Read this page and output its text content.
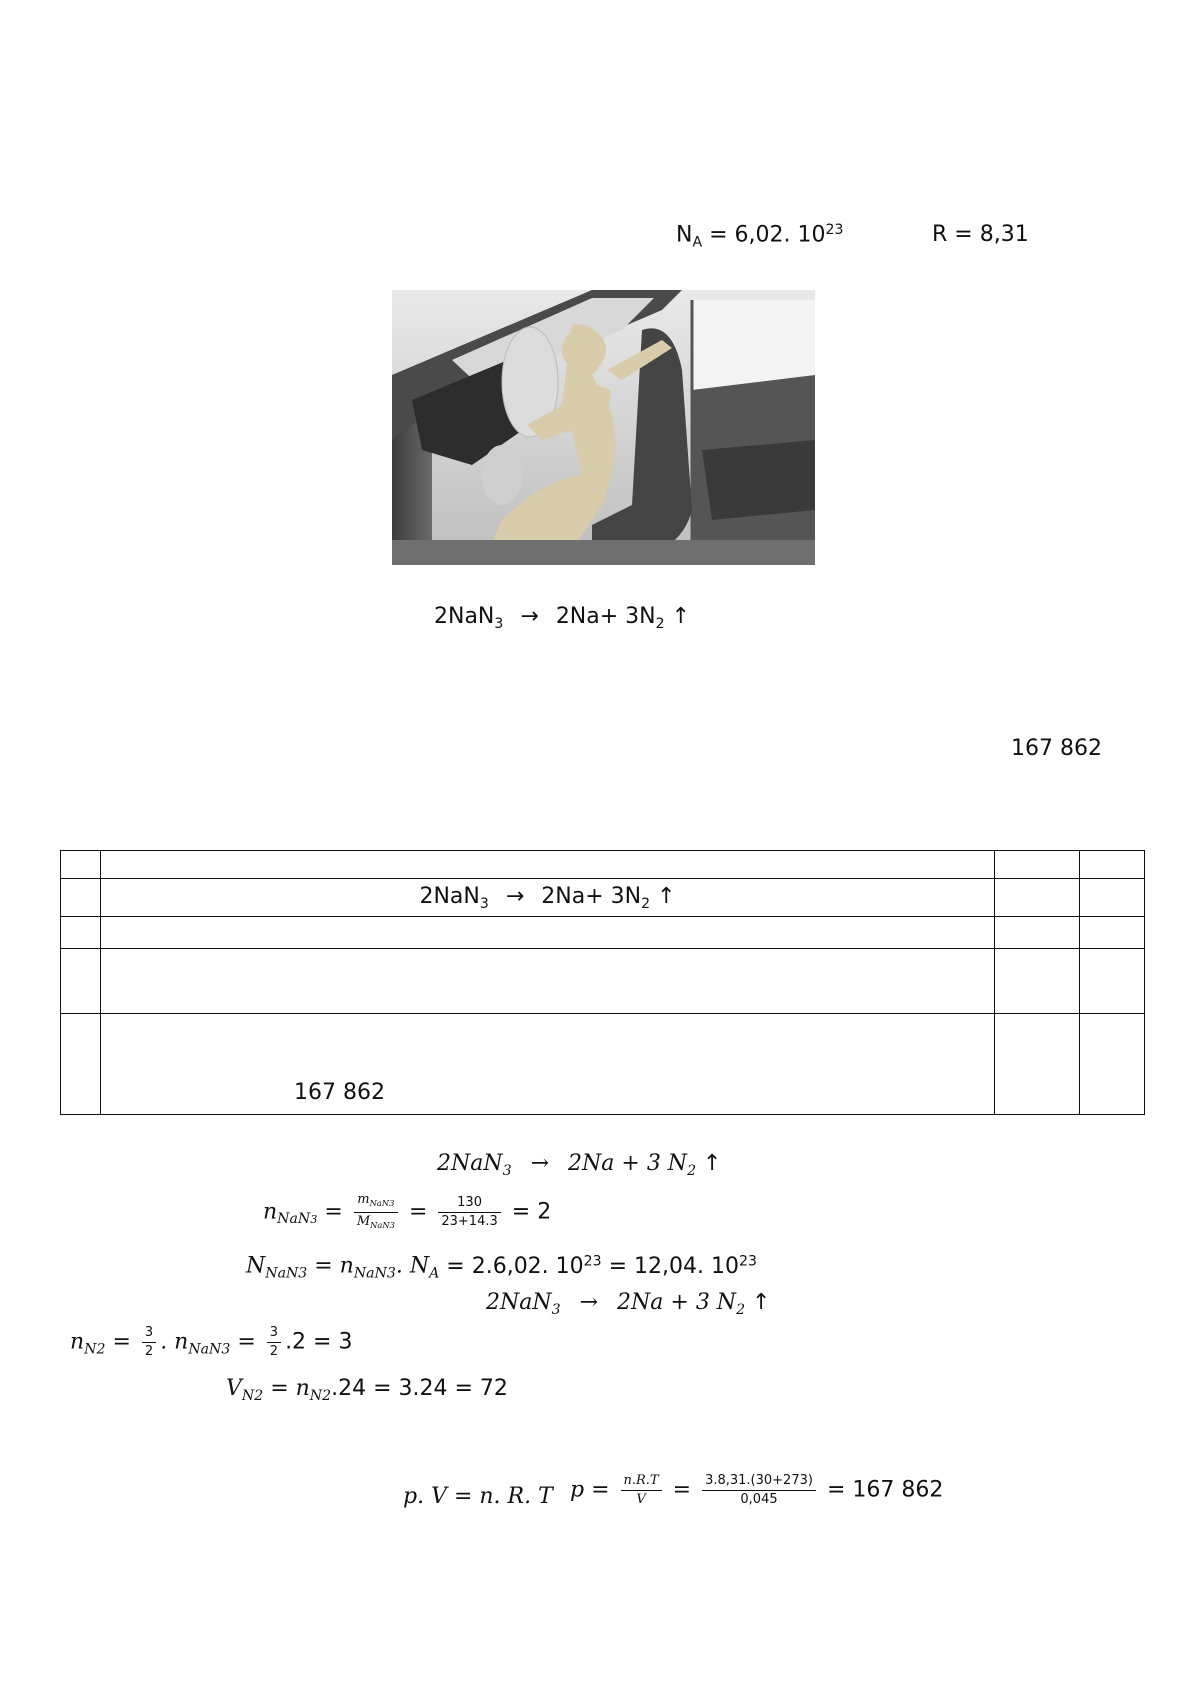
$N_A = 6,02$. $10^{23}$	R = 8,31
$2NaN_3 \to 2Na+ 3N_2$ ↑
167 862

	$2NaN_3 \to 2Na+ 3N_2$ ↑		

	167 862		

2NaN$_3$ → 2Na + 3 $N_2$ ↑
$n_{NaN3} = \frac{m_{NaN3}}{M_{NaN3}} = \frac{130}{23+14.3} = 2$
$N_{NaN3} = n_{NaN3}$. $N_A = 2.6,02$. $10^{23} = 12,04$. $10^{23}$
2NaN$_3$ → 2Na + 3 $N_2$ ↑
$n_{N2} = \frac{3}{2}$ . $n_{NaN3} = \frac{3}{2} .2 = 3$
$V_{N2} = n_{N2}.24 = 3.24 = 72$
p. V = n. R. T $p = \frac{n.R.T}{V} = \frac{3.8,31.(30+273)}{0,045} = 167$ 862
